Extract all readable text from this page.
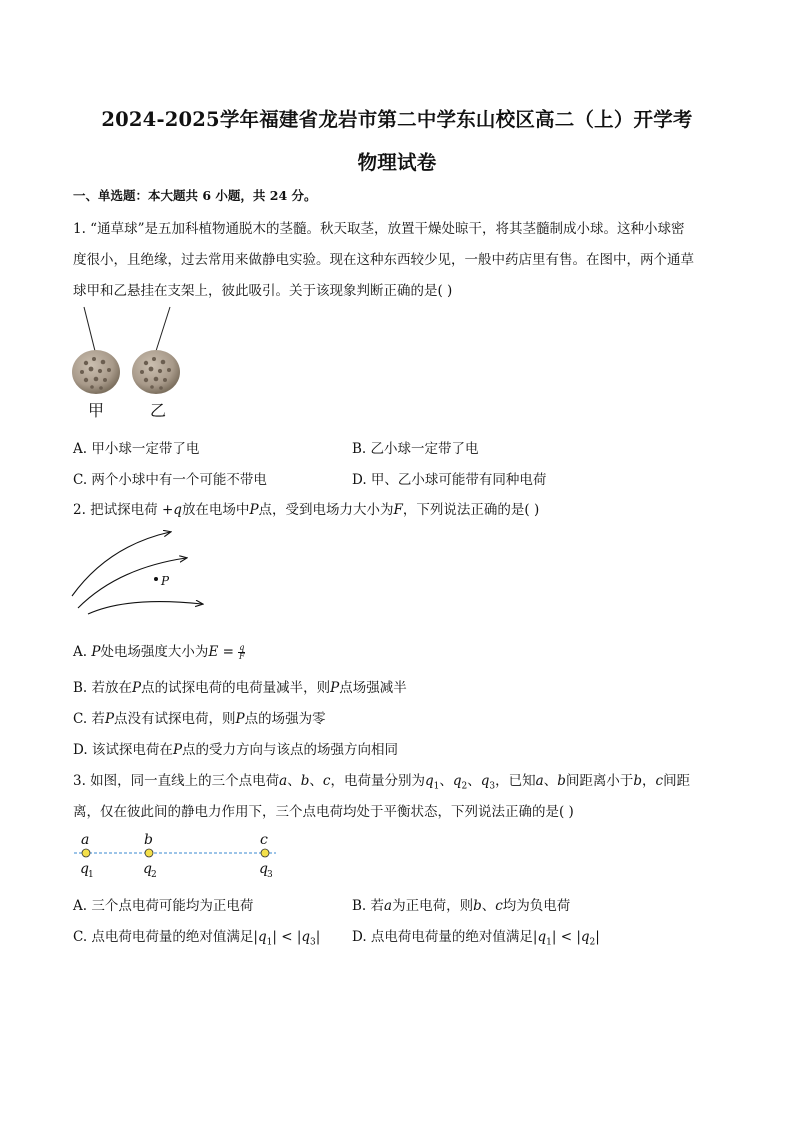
2024-2025学年福建省龙岩市第二中学东山校区高二（上）开学考
物理试卷
一、单选题：本大题共 6 小题，共 24 分。
1. “通草球”是五加科植物通脱木的茎髓。秋天取茎，放置干燥处晾干，将其茎髓制成小球。这种小球密
度很小，且绝缘，过去常用来做静电实验。现在这种东西较少见，一般中药店里有售。在图中，两个通草
球甲和乙悬挂在支架上，彼此吸引。关于该现象判断正确的是( )
甲	乙
A. 甲小球一定带了电	B. 乙小球一定带了电
C. 两个小球中有一个可能不带电	D. 甲、乙小球可能带有同种电荷
2. 把试探电荷 +q放在电场中P点，受到电场力大小为F，下列说法正确的是( )
P
A. P处电场强度大小为$E = \frac{q}{F}$
B. 若放在P点的试探电荷的电荷量减半，则P点场强减半
C. 若P点没有试探电荷，则P点的场强为零
D. 该试探电荷在P点的受力方向与该点的场强方向相同
3. 如图，同一直线上的三个点电荷a、b、c，电荷量分别为$q_1$、$q_2$、$q_3$，已知a、b间距离小于b，c间距
离，仅在彼此间的静电力作用下，三个点电荷均处于平衡状态，下列说法正确的是( )
a	b	c
q 1	q 2	q 3
A. 三个点电荷可能均为正电荷	B. 若a为正电荷，则b、c均为负电荷
C. 点电荷电荷量的绝对值满足$|q_1| < |q_3|$ D. 点电荷电荷量的绝对值满足$|q_1| < |q_2|$
